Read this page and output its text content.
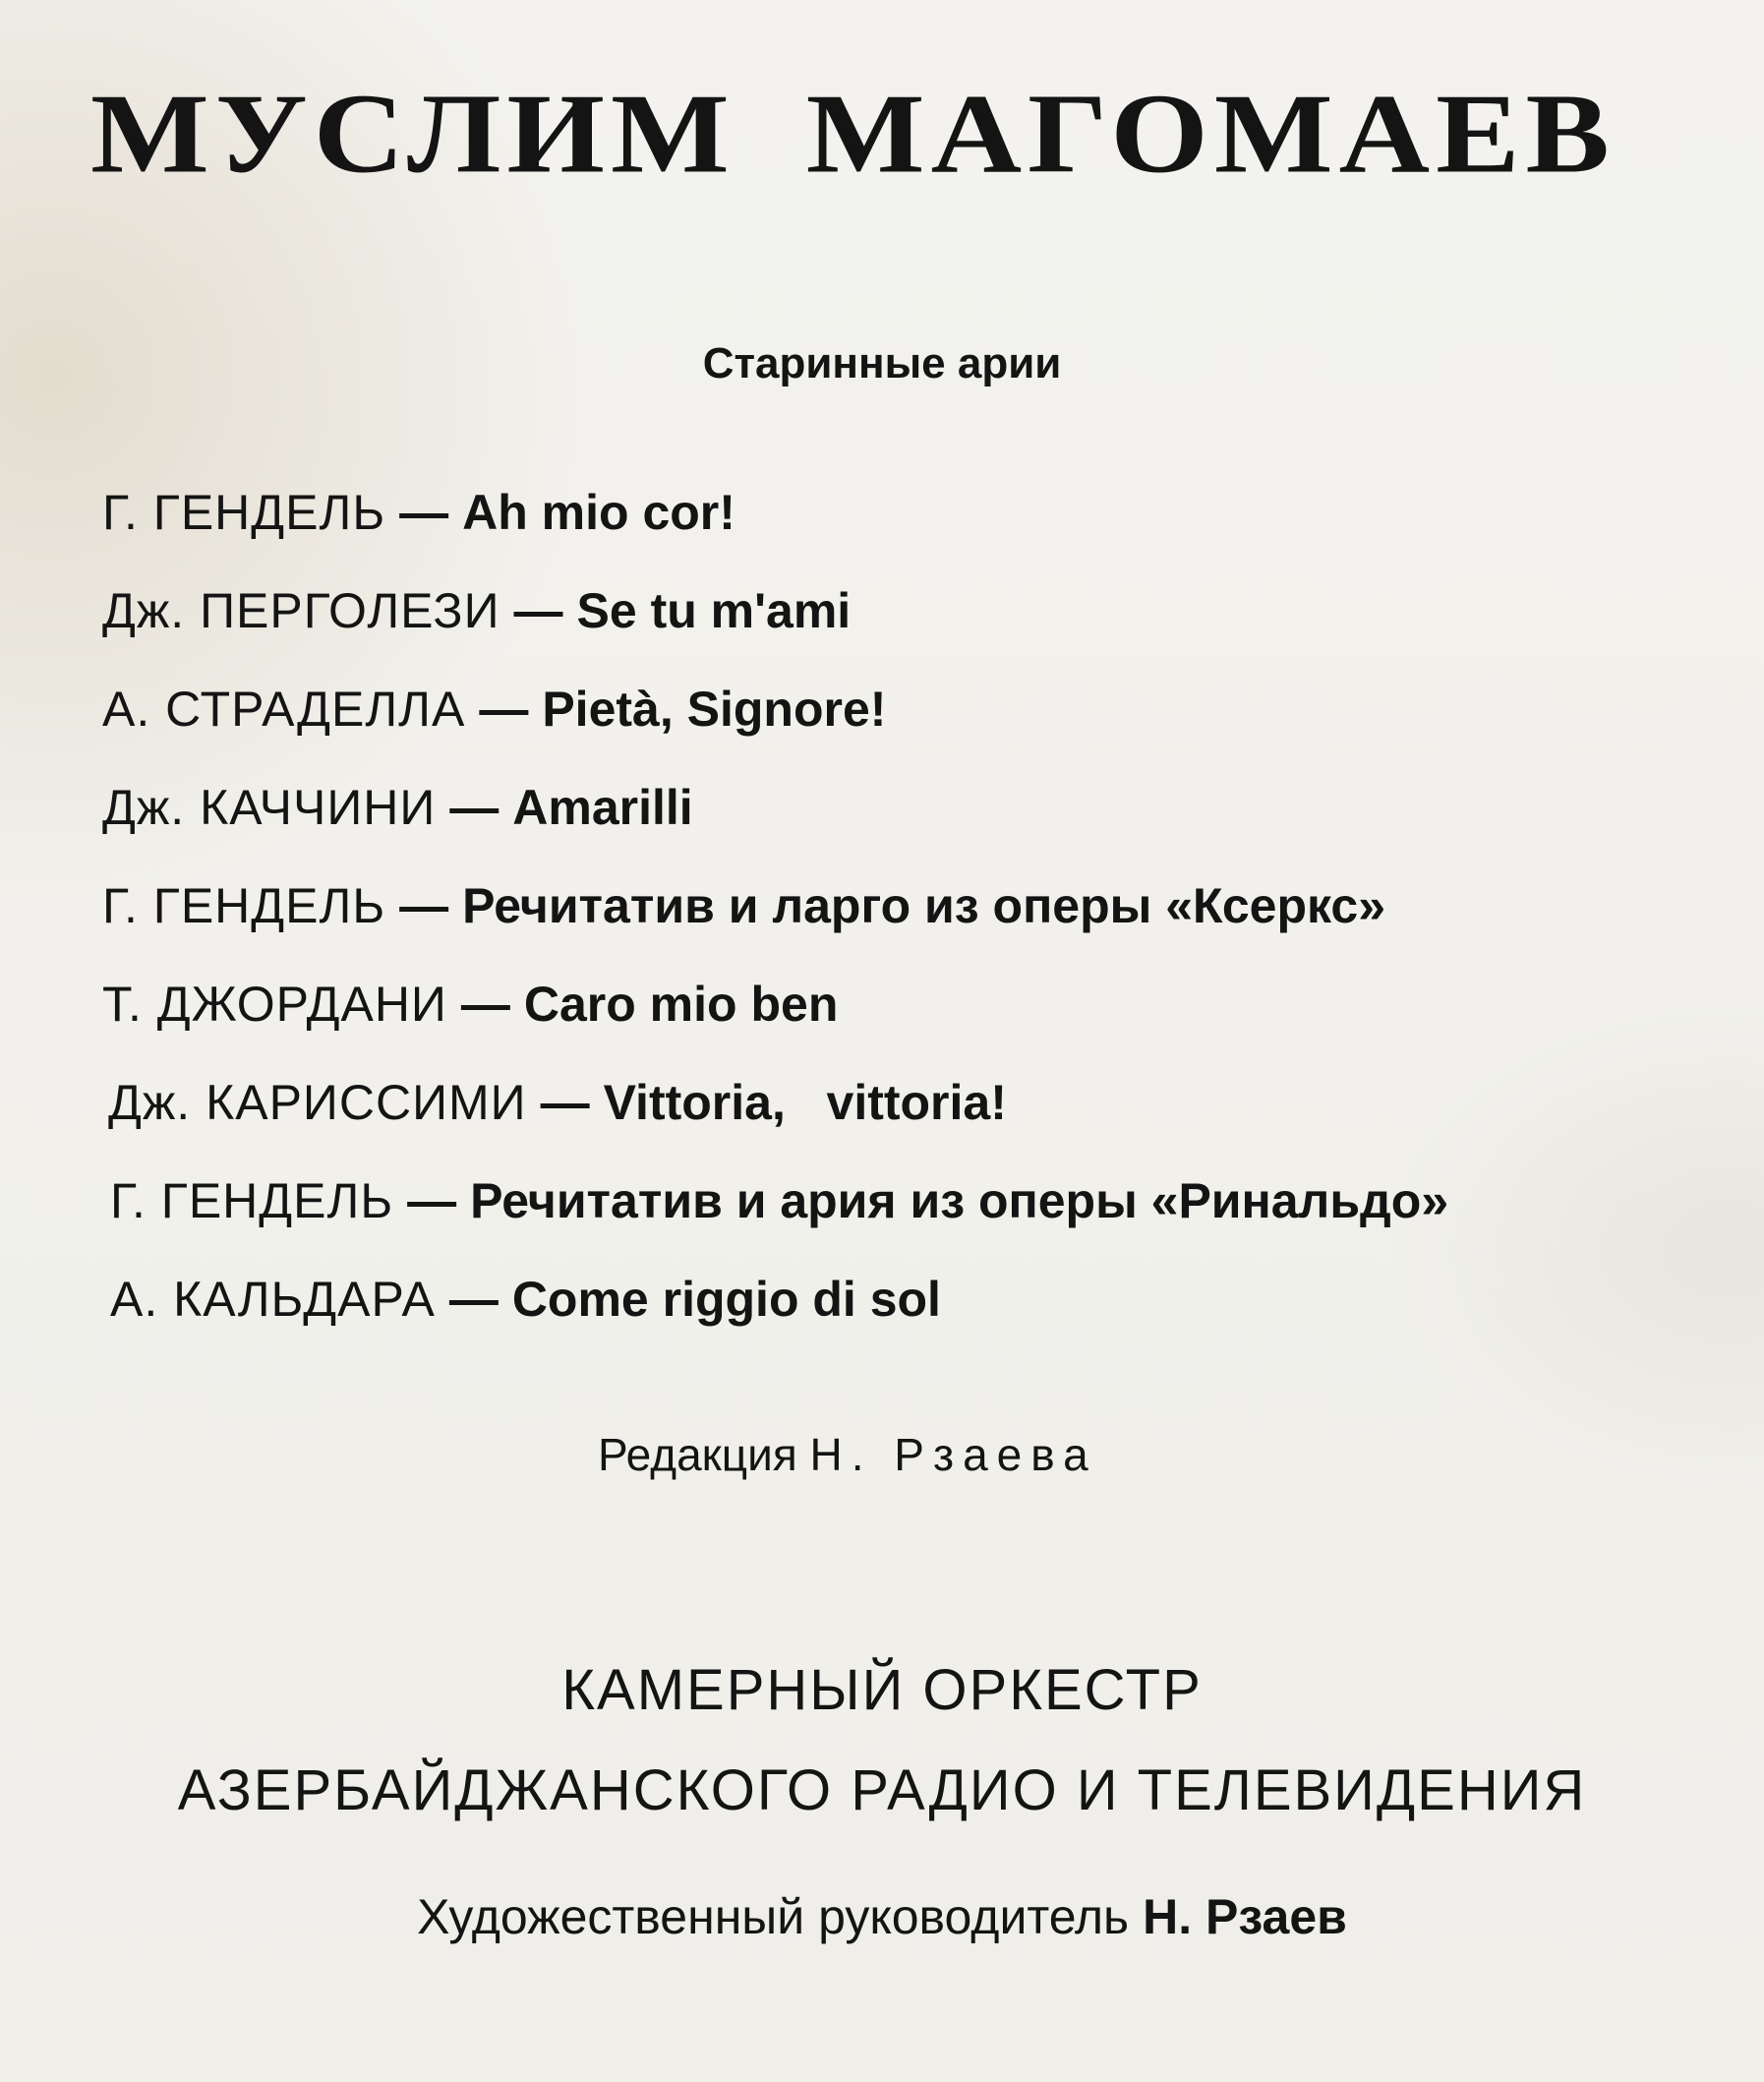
МУСЛИМ МАГОМАЕВ
Старинные арии
Г. ГЕНДЕЛЬ — Ah mio cor!
Дж. ПЕРГОЛЕЗИ — Se tu m'ami
А. СТРАДЕЛЛА — Pietà, Signore!
Дж. КАЧЧИНИ — Amarilli
Г. ГЕНДЕЛЬ — Речитатив и ларго из оперы «Ксеркс»
Т. ДЖОРДАНИ — Caro mio ben
Дж. КАРИССИМИ — Vittoria,   vittoria!
Г. ГЕНДЕЛЬ — Речитатив и ария из оперы «Ринальдо»
А. КАЛЬДАРА — Come riggio di sol
Редакция Н. Рзаева
КАМЕРНЫЙ ОРКЕСТР
АЗЕРБАЙДЖАНСКОГО РАДИО И ТЕЛЕВИДЕНИЯ
Художественный руководитель Н. Рзаев
